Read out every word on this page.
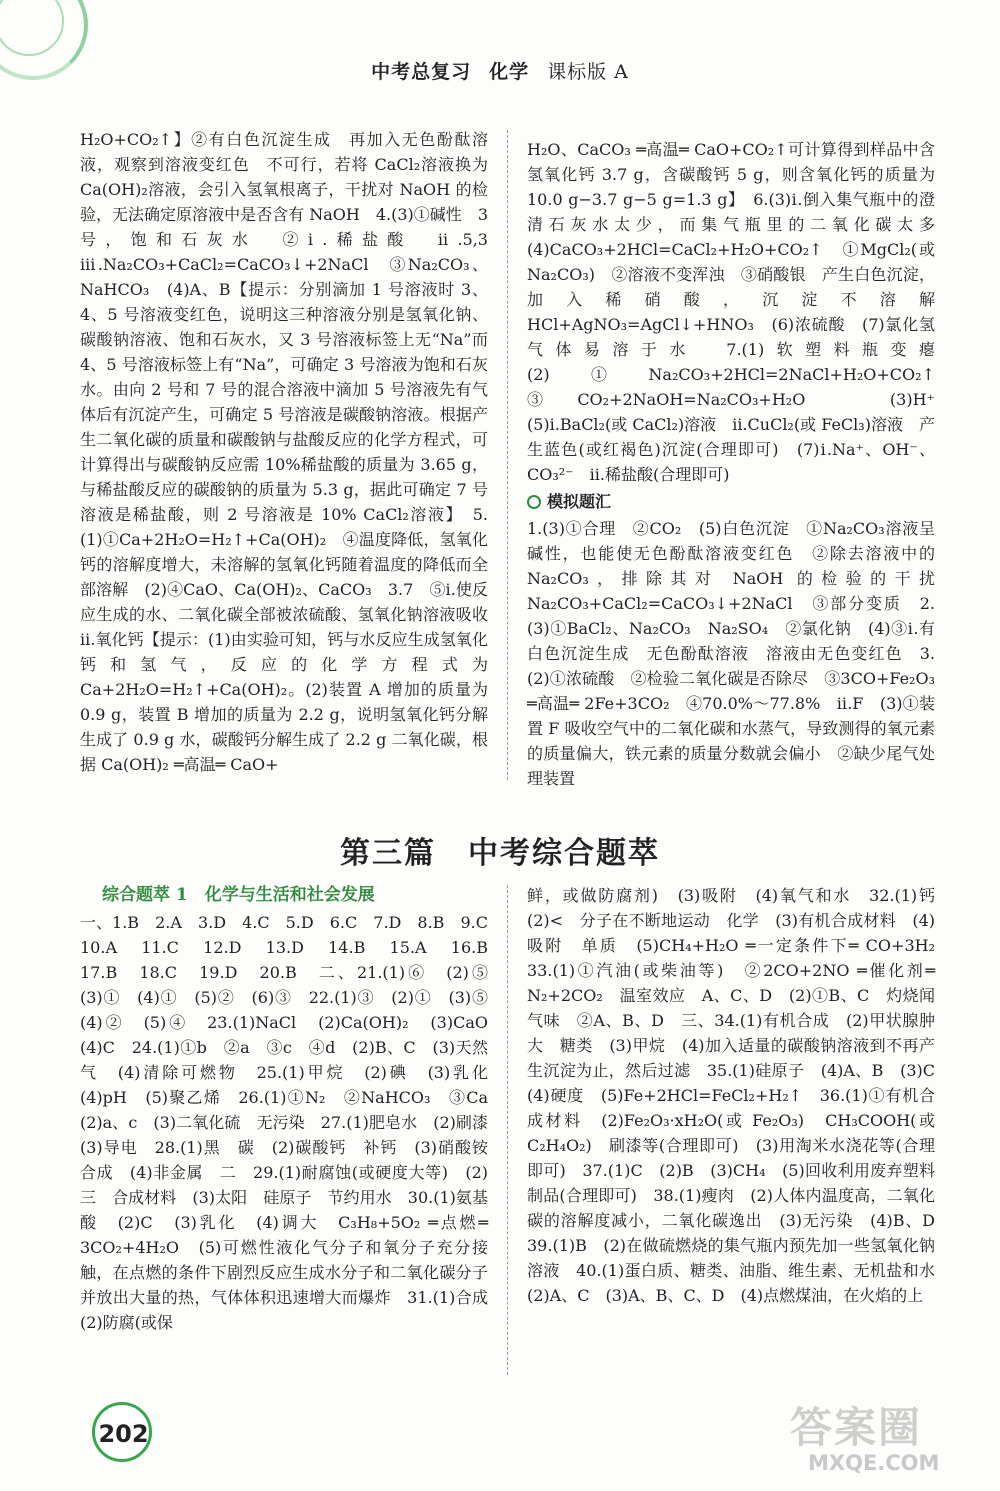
中考总复习 化学 课标版 A

H₂O+CO₂↑】②有白色沉淀生成　再加入无色酚酞溶液，观察到溶液变红色　不可行，若将 CaCl₂溶液换为 Ca(OH)₂溶液，会引入氢氧根离子，干扰对 NaOH 的检验，无法确定原溶液中是否含有 NaOH　4.(3)①碱性　3 号，饱和石灰水　②ⅰ.稀盐酸　ⅱ.5,3　ⅲ.Na₂CO₃+CaCl₂=CaCO₃↓+2NaCl　③Na₂CO₃、NaHCO₃　(4)A、B【提示：分别滴加 1 号溶液时 3、4、5 号溶液变红色，说明这三种溶液分别是氢氧化钠、碳酸钠溶液、饱和石灰水，又 3 号溶液标签上无“Na”而 4、5 号溶液标签上有“Na”，可确定 3 号溶液为饱和石灰水。由向 2 号和 7 号的混合溶液中滴加 5 号溶液先有气体后有沉淀产生，可确定 5 号溶液是碳酸钠溶液。根据产生二氧化碳的质量和碳酸钠与盐酸反应的化学方程式，可计算得出与碳酸钠反应需 10%稀盐酸的质量为 3.65 g，与稀盐酸反应的碳酸钠的质量为 5.3 g，据此可确定 7 号溶液是稀盐酸，则 2 号溶液是 10% CaCl₂溶液】　5.(1)①Ca+2H₂O=H₂↑+Ca(OH)₂　④温度降低，氢氧化钙的溶解度增大，未溶解的氢氧化钙随着温度的降低而全部溶解　(2)④CaO、Ca(OH)₂、CaCO₃　3.7　⑤ⅰ.使反应生成的水、二氧化碳全部被浓硫酸、氢氧化钠溶液吸收　ⅱ.氧化钙【提示：(1)由实验可知，钙与水反应生成氢氧化钙和氢气，反应的化学方程式为 Ca+2H₂O=H₂↑+Ca(OH)₂。(2)装置 A 增加的质量为 0.9 g，装置 B 增加的质量为 2.2 g，说明氢氧化钙分解生成了 0.9 g 水，碳酸钙分解生成了 2.2 g 二氧化碳，根据 Ca(OH)₂ ═高温═ CaO+

H₂O、CaCO₃ ═高温═ CaO+CO₂↑可计算得到样品中含氢氧化钙 3.7 g，含碳酸钙 5 g，则含氧化钙的质量为 10.0 g−3.7 g−5 g=1.3 g】　6.(3)ⅰ.倒入集气瓶中的澄清石灰水太少，而集气瓶里的二氧化碳太多　(4)CaCO₃+2HCl=CaCl₂+H₂O+CO₂↑　①MgCl₂(或 Na₂CO₃)　②溶液不变浑浊　③硝酸银　产生白色沉淀，加入稀硝酸，沉淀不溶解　HCl+AgNO₃=AgCl↓+HNO₃　(6)浓硫酸　(7)氯化氢气体易溶于水　7.(1)软塑料瓶变瘪　(2)①Na₂CO₃+2HCl=2NaCl+H₂O+CO₂↑　③CO₂+2NaOH=Na₂CO₃+H₂O　(3)H⁺　(5)ⅰ.BaCl₂(或 CaCl₂)溶液　ⅱ.CuCl₂(或 FeCl₃)溶液　产生蓝色(或红褐色)沉淀(合理即可)　(7)ⅰ.Na⁺、OH⁻、CO₃²⁻　ⅱ.稀盐酸(合理即可)

模拟题汇

1.(3)①合理　②CO₂　(5)白色沉淀　①Na₂CO₃溶液呈碱性，也能使无色酚酞溶液变红色　②除去溶液中的 Na₂CO₃，排除其对 NaOH 的检验的干扰　Na₂CO₃+CaCl₂=CaCO₃↓+2NaCl　③部分变质　2.(3)①BaCl₂、Na₂CO₃　Na₂SO₄　②氯化钠　(4)③ⅰ.有白色沉淀生成　无色酚酞溶液　溶液由无色变红色　3.(2)①浓硫酸　②检验二氧化碳是否除尽　③3CO+Fe₂O₃ ═高温═ 2Fe+3CO₂　④70.0%～77.8%　ⅱ.F　(3)①装置 F 吸收空气中的二氧化碳和水蒸气，导致测得的氧元素的质量偏大，铁元素的质量分数就会偏小　②缺少尾气处理装置

第三篇　中考综合题萃
综合题萃 1　化学与生活和社会发展

一、1.B　2.A　3.D　4.C　5.D　6.C　7.D　8.B　9.C　10.A　11.C　12.D　13.D　14.B　15.A　16.B　17.B　18.C　19.D　20.B　二、21.(1)⑥　(2)⑤　(3)①　(4)①　(5)②　(6)③　22.(1)③　(2)①　(3)⑤　(4)②　(5)④　23.(1)NaCl　(2)Ca(OH)₂　(3)CaO　(4)C　24.(1)①b　②a　③c　④d　(2)B、C　(3)天然气　(4)清除可燃物　25.(1)甲烷　(2)碘　(3)乳化　(4)pH　(5)聚乙烯　26.(1)①N₂　②NaHCO₃　③Ca　(2)a、c　(3)二氧化硫　无污染　27.(1)肥皂水　(2)刷漆　(3)导电　28.(1)黑　碳　(2)碳酸钙　补钙　(3)硝酸铵　合成　(4)非金属　二　29.(1)耐腐蚀(或硬度大等)　(2)三　合成材料　(3)太阳　硅原子　节约用水　30.(1)氨基酸　(2)C　(3)乳化　(4)调大　C₃H₈+5O₂ ═点燃═ 3CO₂+4H₂O　(5)可燃性液化气分子和氧分子充分接触，在点燃的条件下剧烈反应生成水分子和二氧化碳分子并放出大量的热，气体体积迅速增大而爆炸　31.(1)合成　(2)防腐(或保

鲜，或做防腐剂)　(3)吸附　(4)氧气和水　32.(1)钙　(2)<　分子在不断地运动　化学　(3)有机合成材料　(4)吸附　单质　(5)CH₄+H₂O ═一定条件下═ CO+3H₂　33.(1)①汽油(或柴油等)　②2CO+2NO ═催化剂═ N₂+2CO₂　温室效应　A、C、D　(2)①B、C　灼烧闻气味　②A、B、D　三、34.(1)有机合成　(2)甲状腺肿大　糖类　(3)甲烷　(4)加入适量的碳酸钠溶液到不再产生沉淀为止，然后过滤　35.(1)硅原子　(4)A、B　(3)C　(4)硬度　(5)Fe+2HCl=FeCl₂+H₂↑　36.(1)①有机合成材料　(2)Fe₂O₃·xH₂O(或 Fe₂O₃)　CH₃COOH(或 C₂H₄O₂)　刷漆等(合理即可)　(3)用淘米水浇花等(合理即可)　37.(1)C　(2)B　(3)CH₄　(5)回收利用废弃塑料制品(合理即可)　38.(1)瘦肉　(2)人体内温度高，二氧化碳的溶解度减小，二氧化碳逸出　(3)无污染　(4)B、D　39.(1)B　(2)在做硫燃烧的集气瓶内预先加一些氢氧化钠溶液　40.(1)蛋白质、糖类、油脂、维生素、无机盐和水　(2)A、C　(3)A、B、C、D　(4)点燃煤油，在火焰的上

202	答案圈
MXQE.COM
